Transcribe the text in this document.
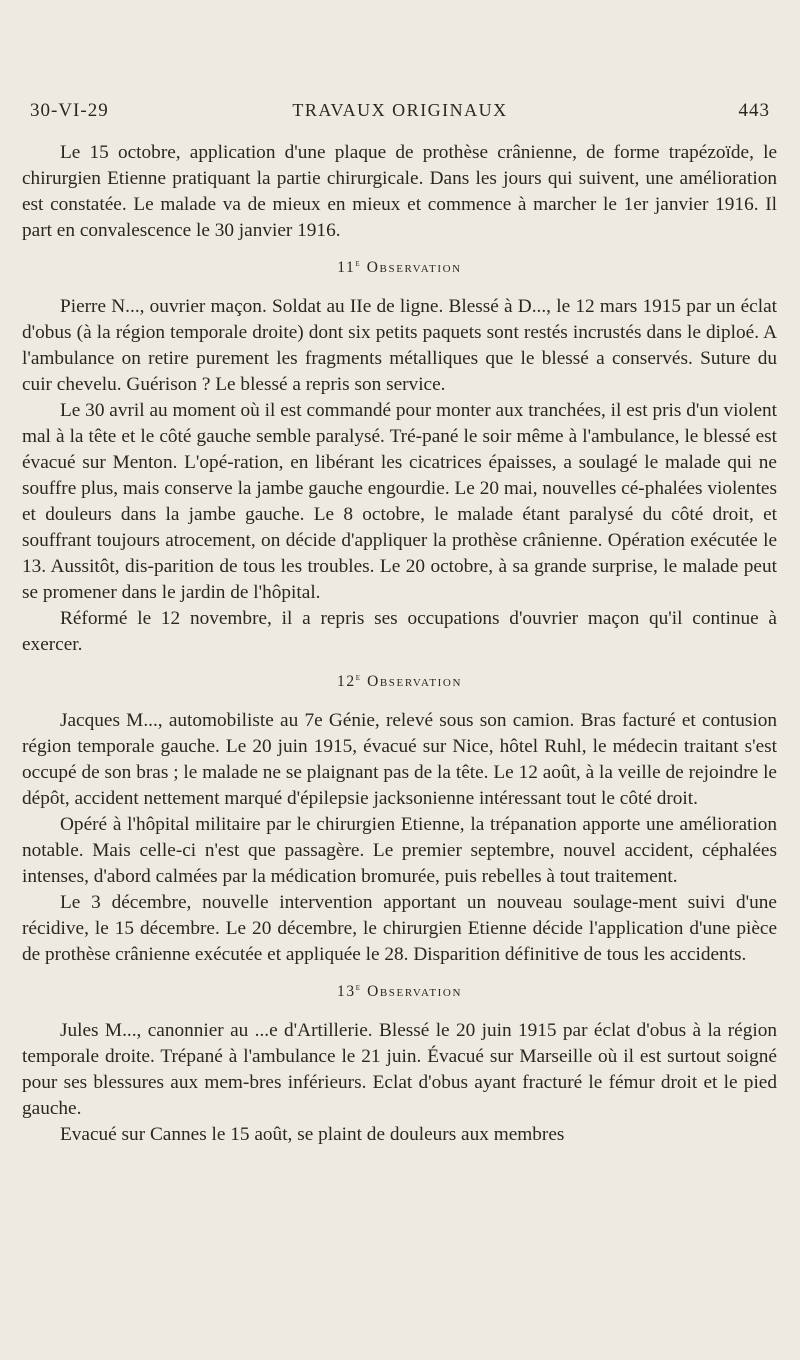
30-VI-29	TRAVAUX ORIGINAUX	443

Le 15 octobre, application d'une plaque de prothèse crânienne, de forme trapézoïde, le chirurgien Etienne pratiquant la partie chirurgicale. Dans les jours qui suivent, une amélioration est constatée. Le malade va de mieux en mieux et commence à marcher le 1er janvier 1916. Il part en convalescence le 30 janvier 1916.

11e Observation

Pierre N..., ouvrier maçon. Soldat au IIe de ligne. Blessé à D..., le 12 mars 1915 par un éclat d'obus (à la région temporale droite) dont six petits paquets sont restés incrustés dans le diploé. A l'ambulance on retire purement les fragments métalliques que le blessé a conservés. Suture du cuir chevelu. Guérison ? Le blessé a repris son service.

Le 30 avril au moment où il est commandé pour monter aux tranchées, il est pris d'un violent mal à la tête et le côté gauche semble paralysé. Tré-pané le soir même à l'ambulance, le blessé est évacué sur Menton. L'opé-ration, en libérant les cicatrices épaisses, a soulagé le malade qui ne souffre plus, mais conserve la jambe gauche engourdie. Le 20 mai, nouvelles cé-phalées violentes et douleurs dans la jambe gauche. Le 8 octobre, le malade étant paralysé du côté droit, et souffrant toujours atrocement, on décide d'appliquer la prothèse crânienne. Opération exécutée le 13. Aussitôt, dis-parition de tous les troubles. Le 20 octobre, à sa grande surprise, le malade peut se promener dans le jardin de l'hôpital.

Réformé le 12 novembre, il a repris ses occupations d'ouvrier maçon qu'il continue à exercer.

12e Observation

Jacques M..., automobiliste au 7e Génie, relevé sous son camion. Bras facturé et contusion région temporale gauche. Le 20 juin 1915, évacué sur Nice, hôtel Ruhl, le médecin traitant s'est occupé de son bras ; le malade ne se plaignant pas de la tête. Le 12 août, à la veille de rejoindre le dépôt, accident nettement marqué d'épilepsie jacksonienne intéressant tout le côté droit.

Opéré à l'hôpital militaire par le chirurgien Etienne, la trépanation apporte une amélioration notable. Mais celle-ci n'est que passagère. Le premier septembre, nouvel accident, céphalées intenses, d'abord calmées par la médication bromurée, puis rebelles à tout traitement.

Le 3 décembre, nouvelle intervention apportant un nouveau soulage-ment suivi d'une récidive, le 15 décembre. Le 20 décembre, le chirurgien Etienne décide l'application d'une pièce de prothèse crânienne exécutée et appliquée le 28. Disparition définitive de tous les accidents.

13e Observation

Jules M..., canonnier au ...e d'Artillerie. Blessé le 20 juin 1915 par éclat d'obus à la région temporale droite. Trépané à l'ambulance le 21 juin. Évacué sur Marseille où il est surtout soigné pour ses blessures aux mem-bres inférieurs. Eclat d'obus ayant fracturé le fémur droit et le pied gauche.

Evacué sur Cannes le 15 août, se plaint de douleurs aux membres
